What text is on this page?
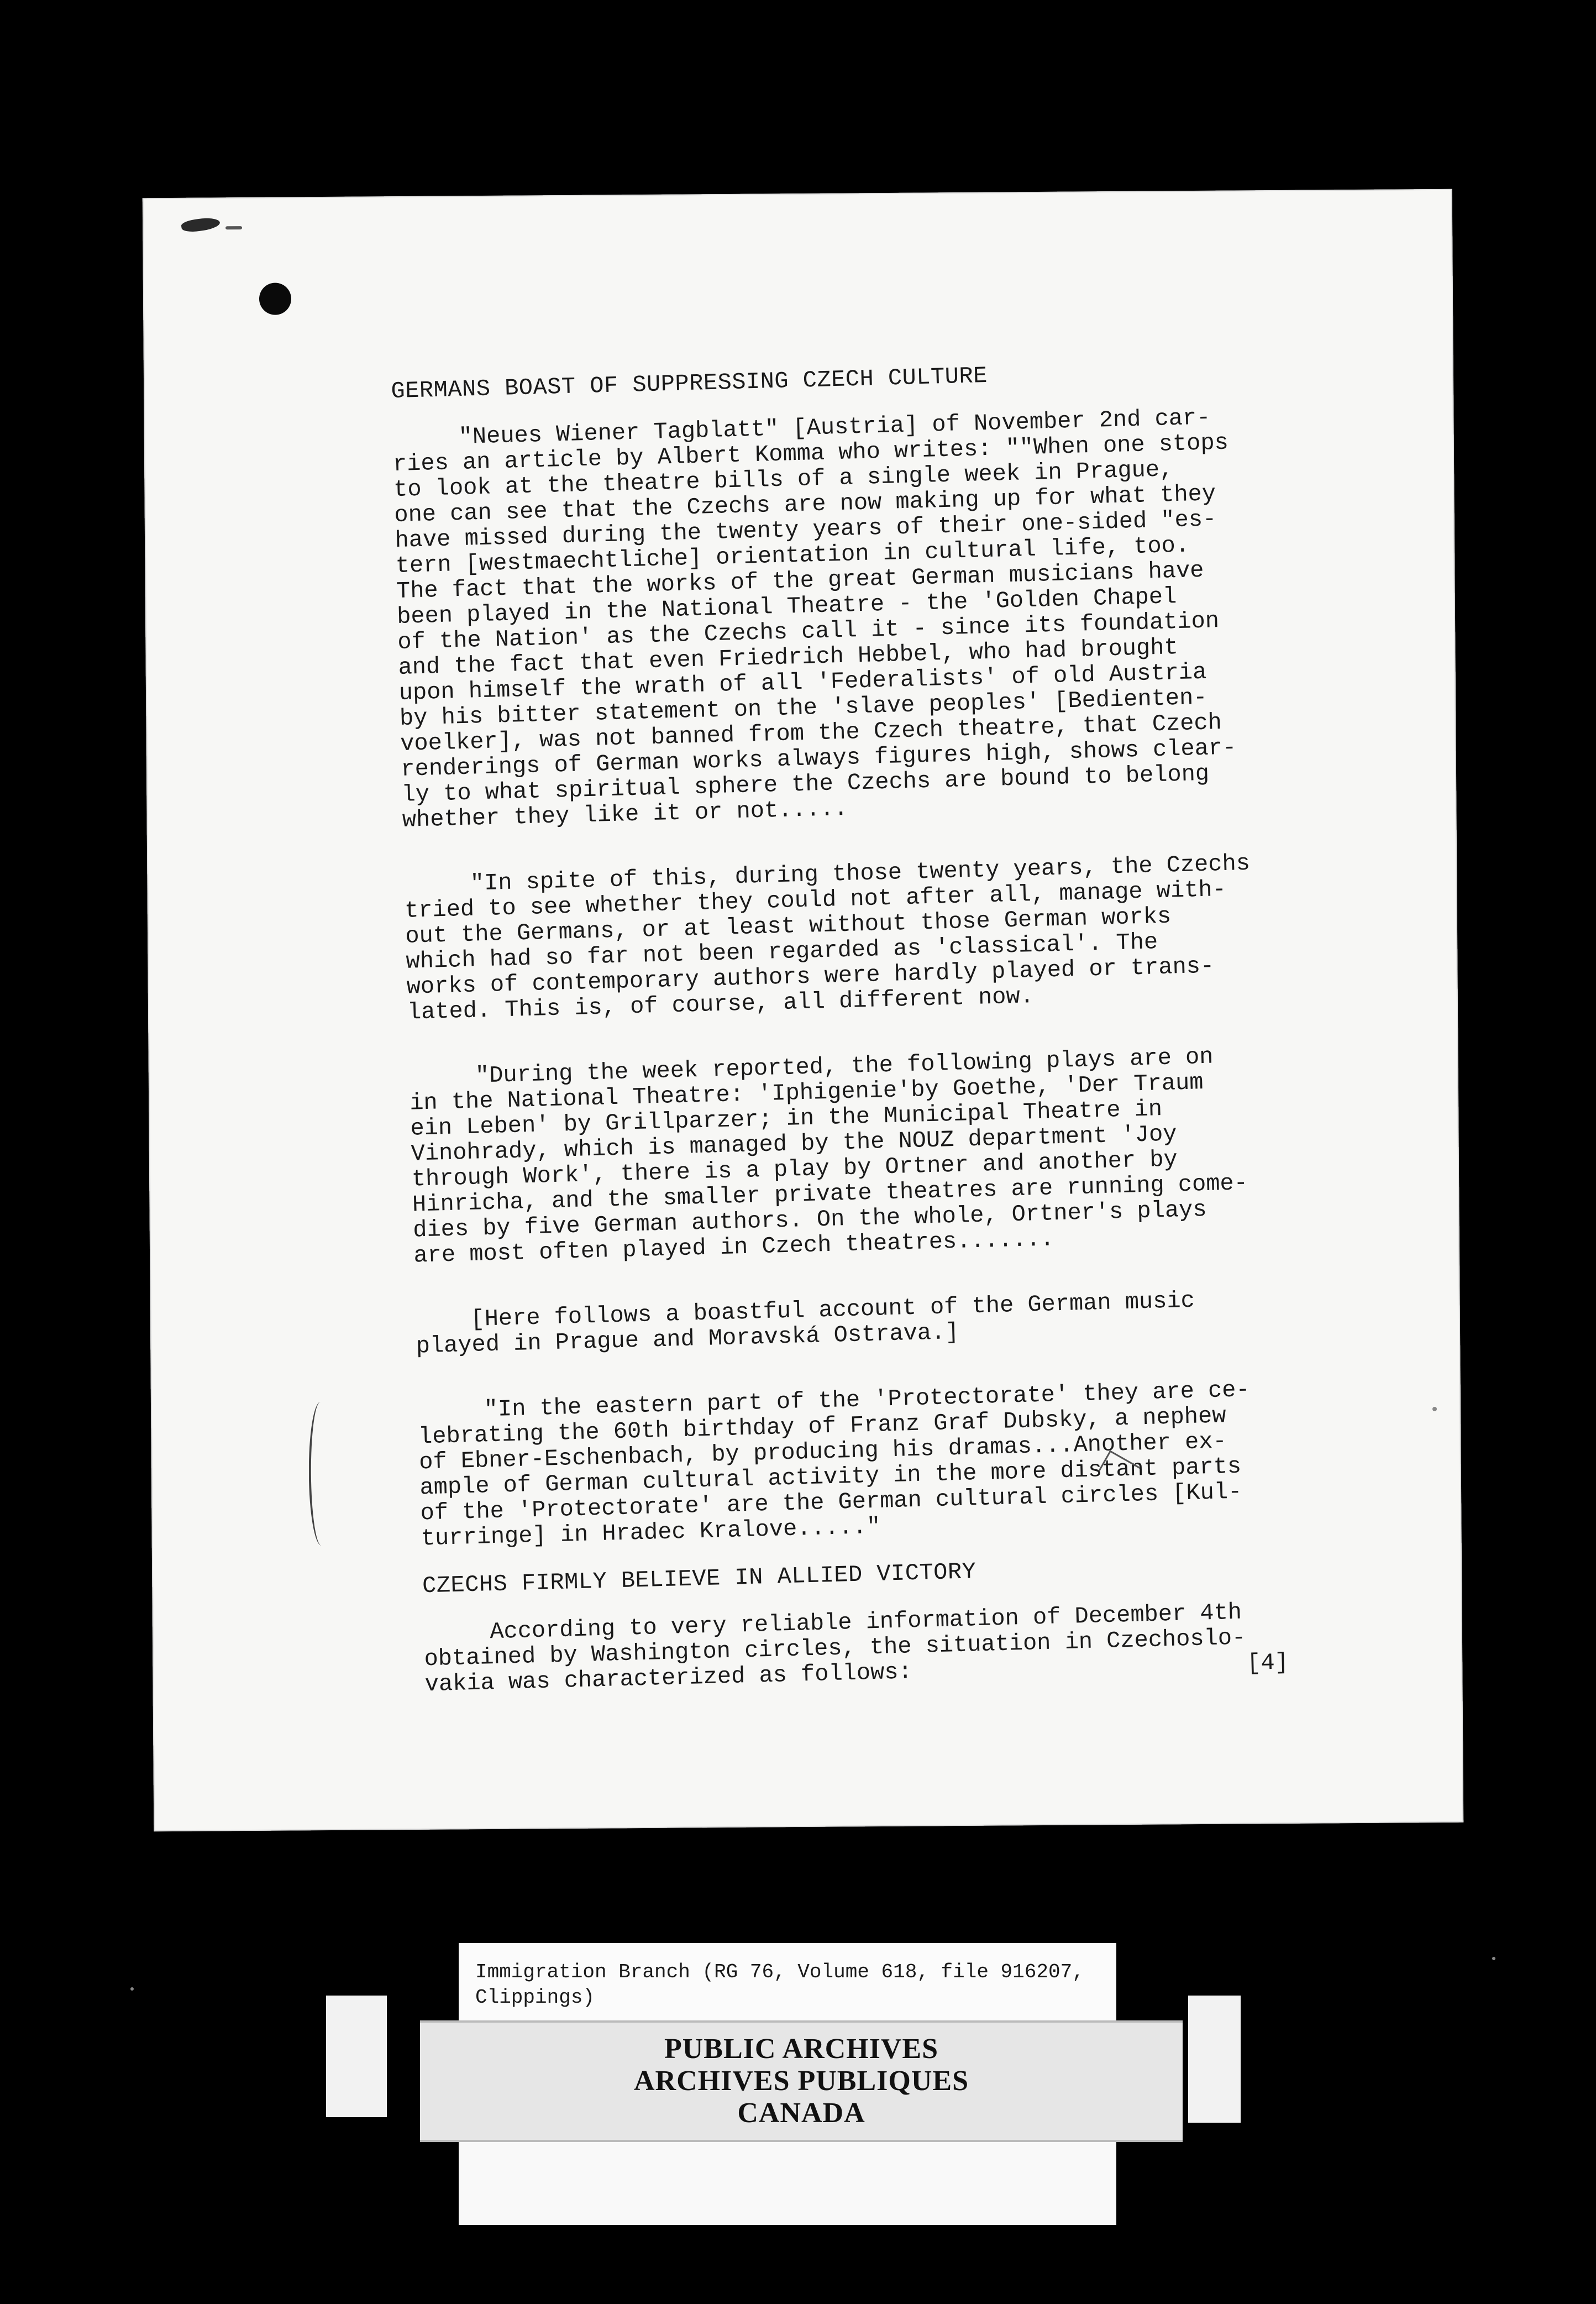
GERMANS BOAST OF SUPPRESSING CZECH CULTURE
"Neues Wiener Tagblatt" [Austria] of November 2nd car-
ries an article by Albert Komma who writes: ""When one stops
to look at the theatre bills of a single week in Prague,
one can see that the Czechs are now making up for what they
have missed during the twenty years of their one-sided "es-
tern [westmaechtliche] orientation in cultural life, too.
The fact that the works of the great German musicians have
been played in the National Theatre - the 'Golden Chapel
of the Nation' as the Czechs call it - since its foundation
and the fact that even Friedrich Hebbel, who had brought
upon himself the wrath of all 'Federalists' of old Austria
by his bitter statement on the 'slave peoples' [Bedienten-
voelker], was not banned from the Czech theatre, that Czech
renderings of German works always figures high, shows clear-
ly to what spiritual sphere the Czechs are bound to belong
whether they like it or not.....
"In spite of this, during those twenty years, the Czechs
tried to see whether they could not after all, manage with-
out the Germans, or at least without those German works
which had so far not been regarded as 'classical'. The
works of contemporary authors were hardly played or trans-
lated. This is, of course, all different now.
"During the week reported, the following plays are on
in the National Theatre: 'Iphigenie'by Goethe, 'Der Traum
ein Leben' by Grillparzer; in the Municipal Theatre in
Vinohrady, which is managed by the NOUZ department 'Joy
through Work', there is a play by Ortner and another by
Hinricha, and the smaller private theatres are running come-
dies by five German authors. On the whole, Ortner's plays
are most often played in Czech theatres.......
[Here follows a boastful account of the German music
played in Prague and Moravská Ostrava.]
"In the eastern part of the 'Protectorate' they are ce-
lebrating the 60th birthday of Franz Graf Dubsky, a nephew
of Ebner-Eschenbach, by producing his dramas...Another ex-
ample of German cultural activity in the more distant parts
of the 'Protectorate' are the German cultural circles [Kul-
turringe] in Hradec Kralove....."
CZECHS FIRMLY BELIEVE IN ALLIED VICTORY
According to very reliable information of December 4th
obtained by Washington circles, the situation in Czechoslo-
vakia was characterized as follows:	[4]
Immigration Branch (RG 76, Volume 618, file 916207,
Clippings)
PUBLIC ARCHIVES
ARCHIVES PUBLIQUES
CANADA
